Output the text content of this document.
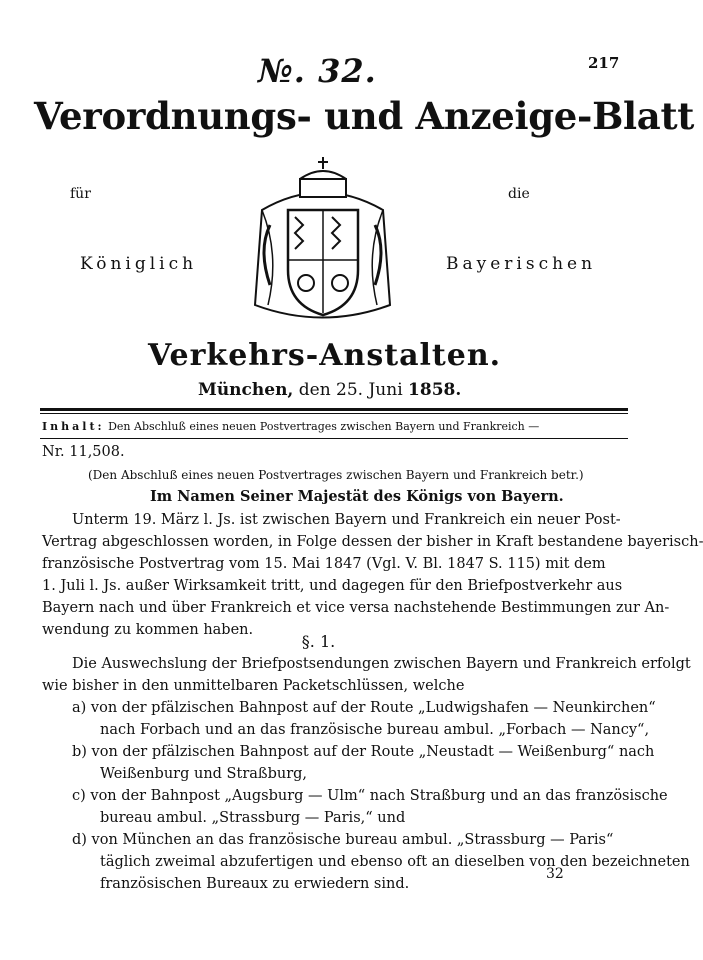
№. 32.	217
Verordnungs- und Anzeige-Blatt
für	die
Königlich	Bayerischen
Verkehrs-Anstalten.
München, den 25. Juni 1858.
Inhalt: Den Abschluß eines neuen Postvertrages zwischen Bayern und Frankreich —
Nr. 11,508.
(Den Abschluß eines neuen Postvertrages zwischen Bayern und Frankreich betr.)
Im Namen Seiner Majestät des Königs von Bayern.
Unterm 19. März l. Js. ist zwischen Bayern und Frankreich ein neuer Post-
Vertrag abgeschlossen worden, in Folge dessen der bisher in Kraft bestandene bayerisch-
französische Postvertrag vom 15. Mai 1847 (Vgl. V. Bl. 1847 S. 115) mit dem
1. Juli l. Js. außer Wirksamkeit tritt, und dagegen für den Briefpostverkehr aus
Bayern nach und über Frankreich et vice versa nachstehende Bestimmungen zur An-
wendung zu kommen haben.
§. 1.
Die Auswechslung der Briefpostsendungen zwischen Bayern und Frankreich erfolgt
wie bisher in den unmittelbaren Packetschlüssen, welche
a) von der pfälzischen Bahnpost auf der Route „Ludwigshafen — Neunkirchen“
nach Forbach und an das französische bureau ambul. „Forbach — Nancy“,
b) von der pfälzischen Bahnpost auf der Route „Neustadt — Weißenburg“ nach
Weißenburg und Straßburg,
c) von der Bahnpost „Augsburg — Ulm“ nach Straßburg und an das französische
bureau ambul. „Strassburg — Paris,“ und
d) von München an das französische bureau ambul. „Strassburg — Paris“
täglich zweimal abzufertigen und ebenso oft an dieselben von den bezeichneten
französischen Bureaux zu erwiedern sind.
32
